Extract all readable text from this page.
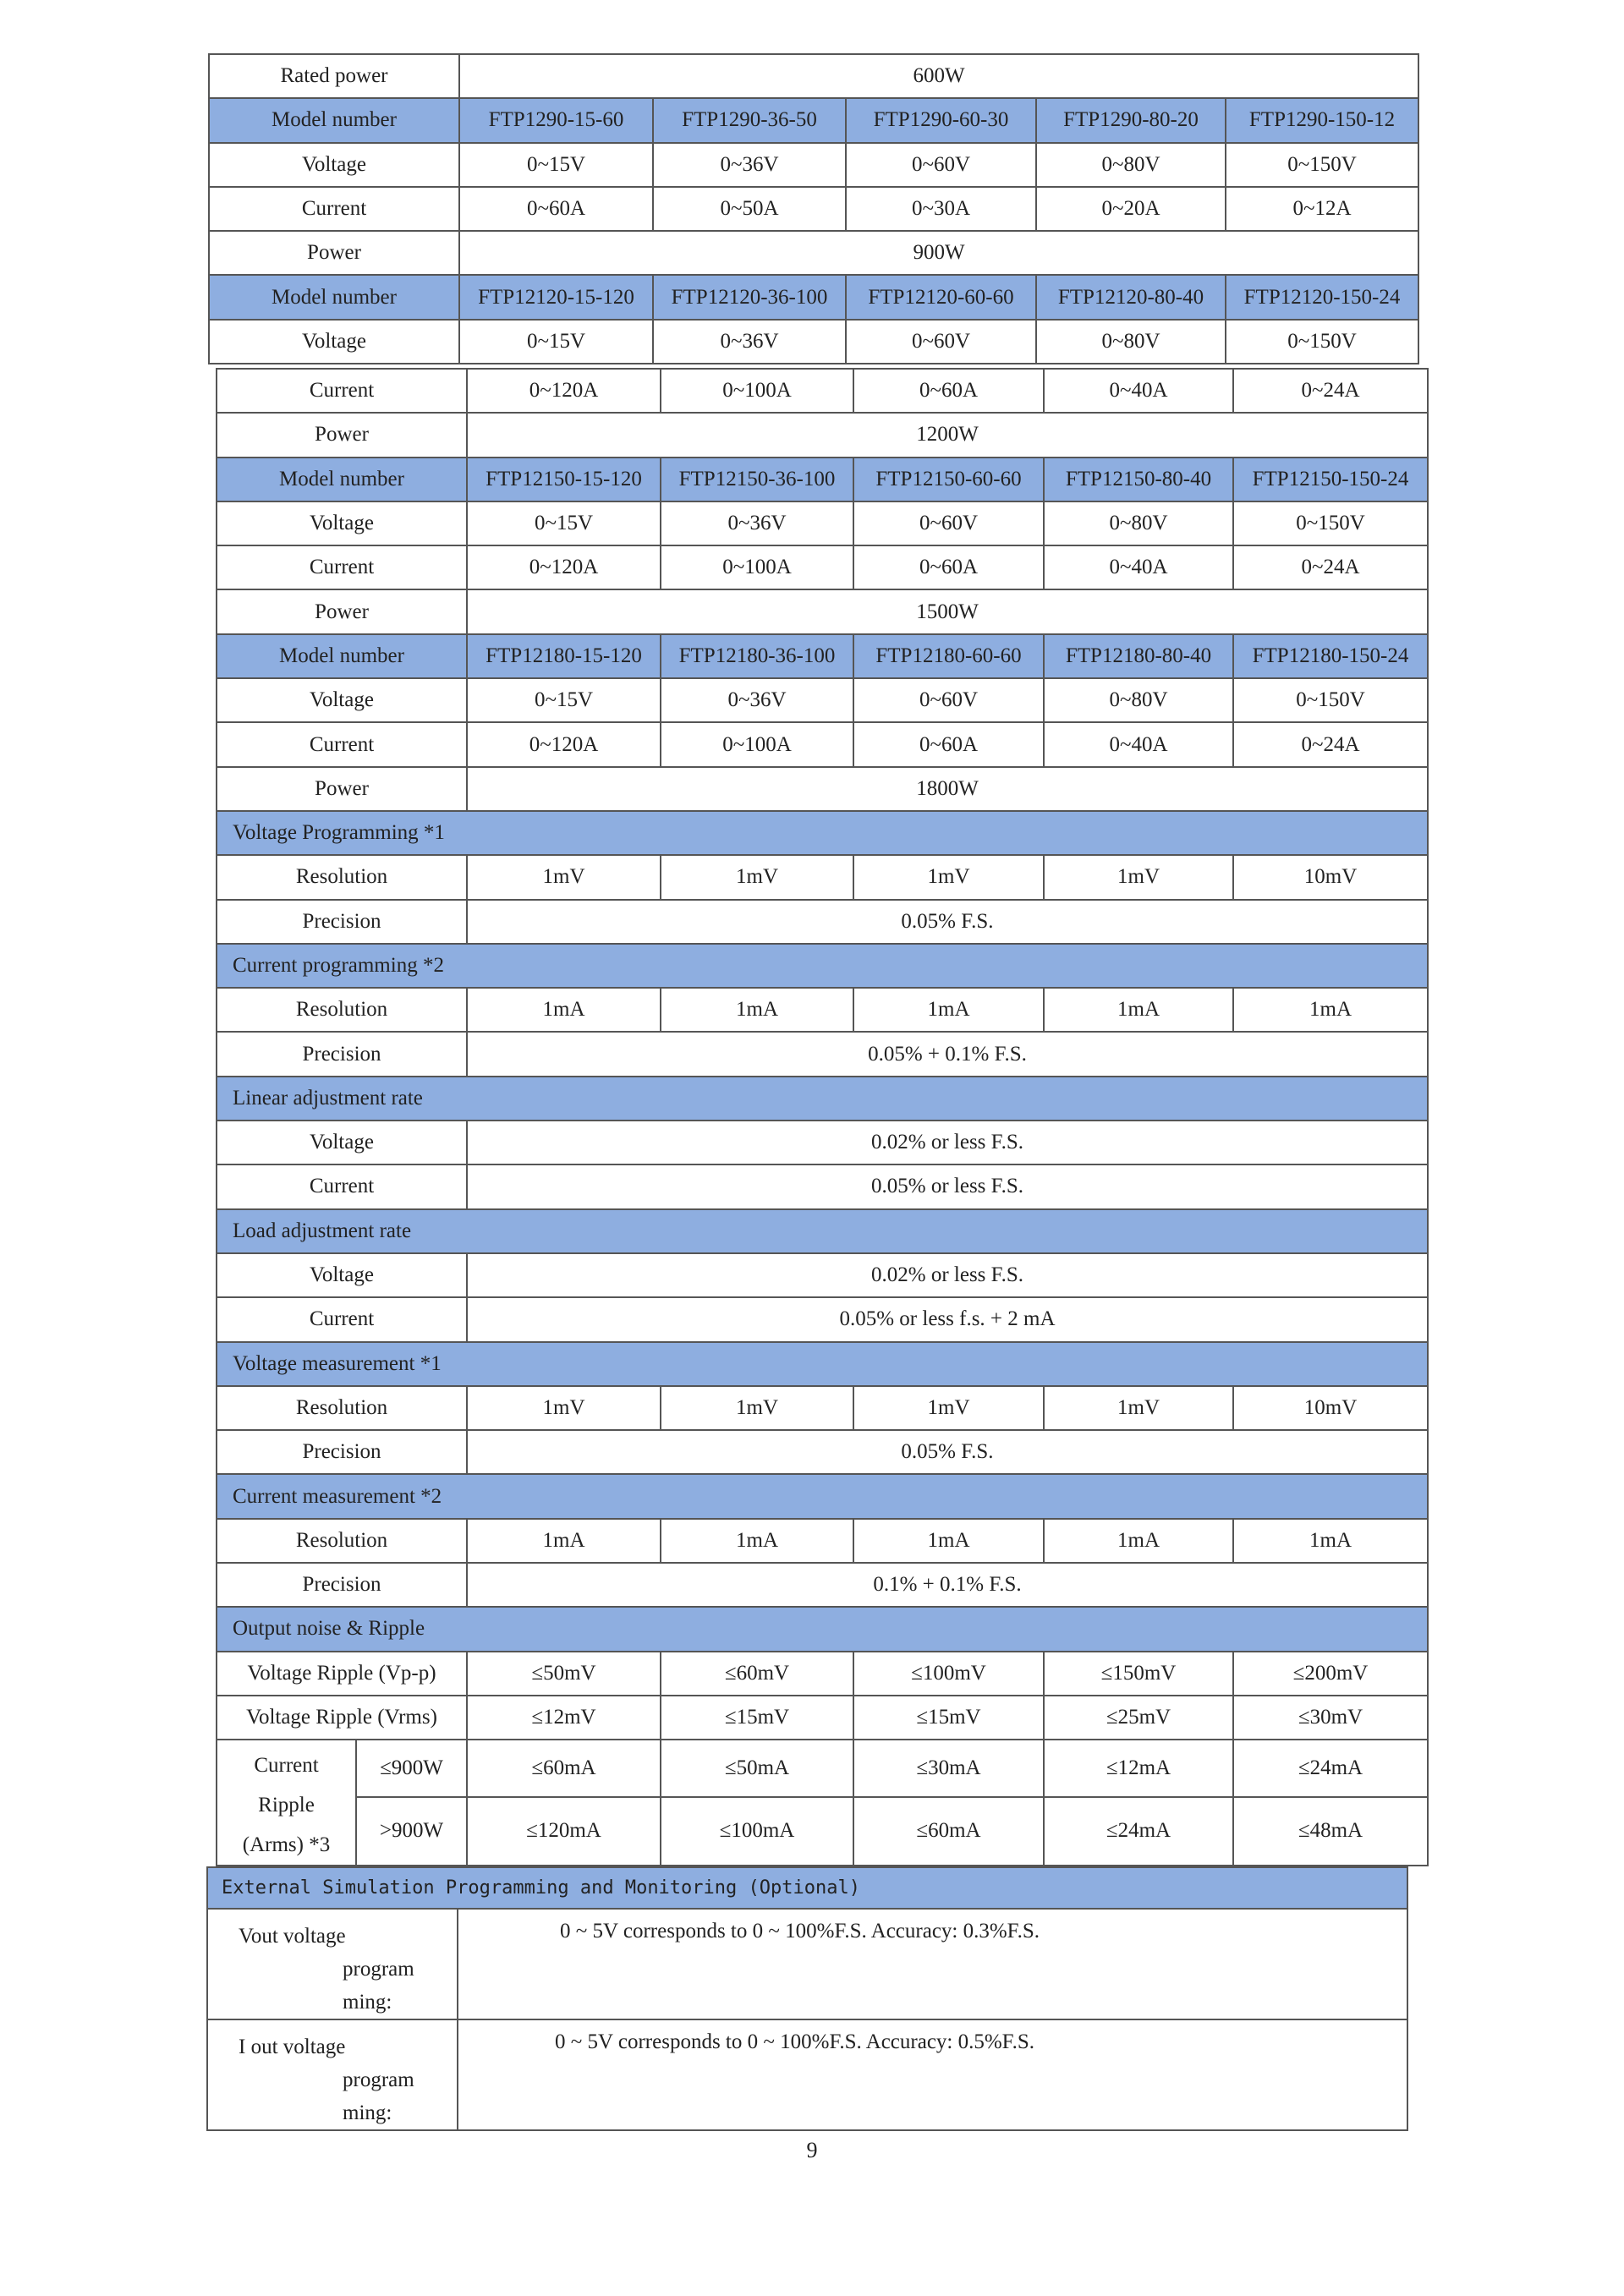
Rated power	600W				
Model number	FTP1290-15-60	FTP1290-36-50	FTP1290-60-30	FTP1290-80-20	FTP1290-150-12
Voltage	0~15V	0~36V	0~60V	0~80V	0~150V
Current	0~60A	0~50A	0~30A	0~20A	0~12A
Power	900W				
Model number	FTP12120-15-120	FTP12120-36-100	FTP12120-60-60	FTP12120-80-40	FTP12120-150-24
Voltage	0~15V	0~36V	0~60V	0~80V	0~150V
Current		0~120A	0~100A	0~60A	0~40A	0~24A
Power		1200W				
Model number		FTP12150-15-120	FTP12150-36-100	FTP12150-60-60	FTP12150-80-40	FTP12150-150-24
Voltage		0~15V	0~36V	0~60V	0~80V	0~150V
Current		0~120A	0~100A	0~60A	0~40A	0~24A
Power		1500W				
Model number		FTP12180-15-120	FTP12180-36-100	FTP12180-60-60	FTP12180-80-40	FTP12180-150-24
Voltage		0~15V	0~36V	0~60V	0~80V	0~150V
Current		0~120A	0~100A	0~60A	0~40A	0~24A
Power		1800W				
Voltage Programming *1						
Resolution		1mV	1mV	1mV	1mV	10mV
Precision		0.05% F.S.				
Current programming *2						
Resolution		1mA	1mA	1mA	1mA	1mA
Precision		0.05% + 0.1% F.S.				
Linear adjustment rate						
Voltage		0.02% or less F.S.				
Current		0.05% or less F.S.				
Load adjustment rate						
Voltage		0.02% or less F.S.				
Current		0.05% or less f.s. + 2 mA				
Voltage measurement *1						
Resolution		1mV	1mV	1mV	1mV	10mV
Precision		0.05% F.S.				
Current measurement *2						
Resolution		1mA	1mA	1mA	1mA	1mA
Precision		0.1% + 0.1% F.S.				
Output noise & Ripple						
Voltage Ripple (Vp-p)		≤50mV	≤60mV	≤100mV	≤150mV	≤200mV
Voltage Ripple (Vrms)		≤12mV	≤15mV	≤15mV	≤25mV	≤30mV

Current
Ripple
(Arms) *3	≤900W	≤60mA	≤50mA	≤30mA	≤12mA	≤24mA
	>900W	≤120mA	≤100mA	≤60mA	≤24mA	≤48mA
External Simulation Programming and Monitoring (Optional)	

Vout voltage
program
ming:	0 ~ 5V corresponds to 0 ~ 100%F.S. Accuracy: 0.3%F.S.

I out voltage
program
ming:	0 ~ 5V corresponds to 0 ~ 100%F.S. Accuracy: 0.5%F.S.
9
